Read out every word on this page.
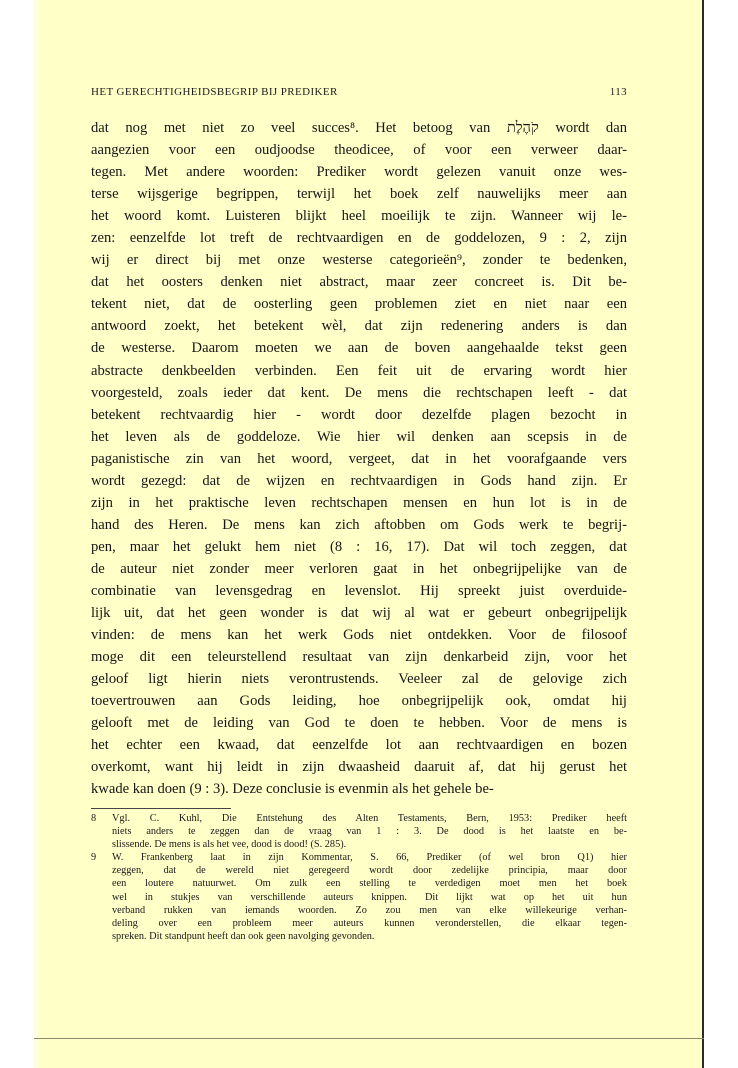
HET GERECHTIGHEIDSBEGRIP BIJ PREDIKER	113
dat nog met niet zo veel succes⁸. Het betoog van קֹהֶלֶת wordt dan
aangezien voor een oudjoodse theodicee, of voor een verweer daar-
tegen. Met andere woorden: Prediker wordt gelezen vanuit onze wes-
terse wijsgerige begrippen, terwijl het boek zelf nauwelijks meer aan
het woord komt. Luisteren blijkt heel moeilijk te zijn. Wanneer wij le-
zen: eenzelfde lot treft de rechtvaardigen en de goddelozen, 9 : 2, zijn
wij er direct bij met onze westerse categorieën⁹, zonder te bedenken,
dat het oosters denken niet abstract, maar zeer concreet is. Dit be-
tekent niet, dat de oosterling geen problemen ziet en niet naar een
antwoord zoekt, het betekent wèl, dat zijn redenering anders is dan
de westerse. Daarom moeten we aan de boven aangehaalde tekst geen
abstracte denkbeelden verbinden. Een feit uit de ervaring wordt hier
voorgesteld, zoals ieder dat kent. De mens die rechtschapen leeft - dat
betekent rechtvaardig hier - wordt door dezelfde plagen bezocht in
het leven als de goddeloze. Wie hier wil denken aan scepsis in de
paganistische zin van het woord, vergeet, dat in het voorafgaande vers
wordt gezegd: dat de wijzen en rechtvaardigen in Gods hand zijn. Er
zijn in het praktische leven rechtschapen mensen en hun lot is in de
hand des Heren. De mens kan zich aftobben om Gods werk te begrij-
pen, maar het gelukt hem niet (8 : 16, 17). Dat wil toch zeggen, dat
de auteur niet zonder meer verloren gaat in het onbegrijpelijke van de
combinatie van levensgedrag en levenslot. Hij spreekt juist overduide-
lijk uit, dat het geen wonder is dat wij al wat er gebeurt onbegrijpelijk
vinden: de mens kan het werk Gods niet ontdekken. Voor de filosoof
moge dit een teleurstellend resultaat van zijn denkarbeid zijn, voor het
geloof ligt hierin niets verontrustends. Veeleer zal de gelovige zich
toevertrouwen aan Gods leiding, hoe onbegrijpelijk ook, omdat hij
gelooft met de leiding van God te doen te hebben. Voor de mens is
het echter een kwaad, dat eenzelfde lot aan rechtvaardigen en bozen
overkomt, want hij leidt in zijn dwaasheid daaruit af, dat hij gerust het
kwade kan doen (9 : 3). Deze conclusie is evenmin als het gehele be-
8 Vgl. C. Kuhl, Die Entstehung des Alten Testaments, Bern, 1953: Prediker heeft
niets anders te zeggen dan de vraag van 1 : 3. De dood is het laatste en be-
slissende. De mens is als het vee, dood is dood! (S. 285).
9 W. Frankenberg laat in zijn Kommentar, S. 66, Prediker (of wel bron Q1) hier
zeggen, dat de wereld niet geregeerd wordt door zedelijke principia, maar door
een loutere natuurwet. Om zulk een stelling te verdedigen moet men het boek
wel in stukjes van verschillende auteurs knippen. Dit lijkt wat op het uit hun
verband rukken van iemands woorden. Zo zou men van elke willekeurige verhan-
deling over een probleem meer auteurs kunnen veronderstellen, die elkaar tegen-
spreken. Dit standpunt heeft dan ook geen navolging gevonden.
